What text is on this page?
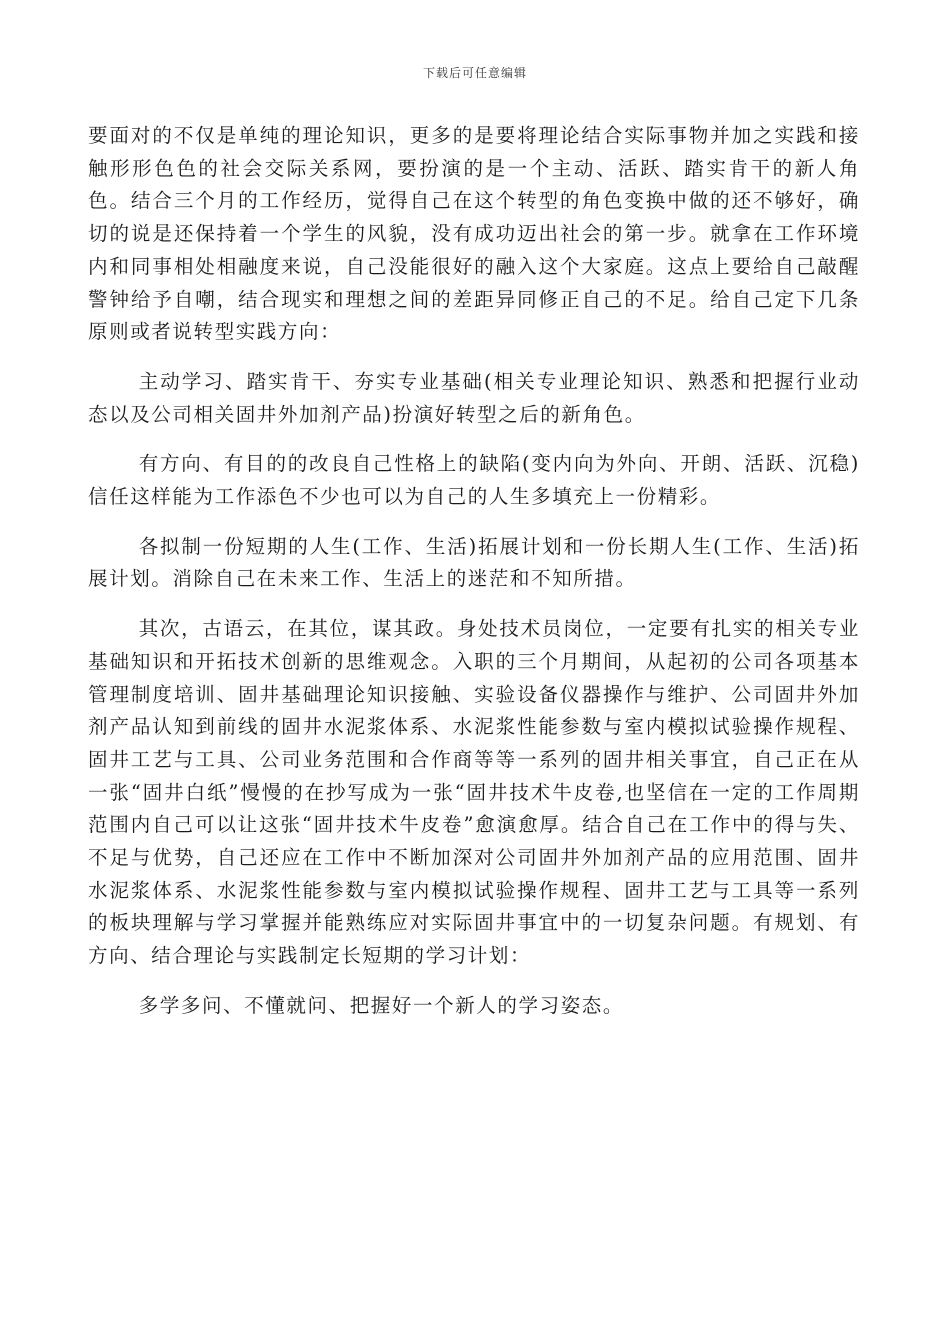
下载后可任意编辑

要面对的不仅是单纯的理论知识，更多的是要将理论结合实际事物并加之实践和接触形形色色的社会交际关系网，要扮演的是一个主动、活跃、踏实肯干的新人角色。结合三个月的工作经历，觉得自己在这个转型的角色变换中做的还不够好，确切的说是还保持着一个学生的风貌，没有成功迈出社会的第一步。就拿在工作环境内和同事相处相融度来说，自己没能很好的融入这个大家庭。这点上要给自己敲醒警钟给予自嘲，结合现实和理想之间的差距异同修正自己的不足。给自己定下几条原则或者说转型实践方向：

主动学习、踏实肯干、夯实专业基础(相关专业理论知识、熟悉和把握行业动态以及公司相关固井外加剂产品)扮演好转型之后的新角色。

有方向、有目的的改良自己性格上的缺陷(变内向为外向、开朗、活跃、沉稳)信任这样能为工作添色不少也可以为自己的人生多填充上一份精彩。

各拟制一份短期的人生(工作、生活)拓展计划和一份长期人生(工作、生活)拓展计划。消除自己在未来工作、生活上的迷茫和不知所措。

其次，古语云，在其位，谋其政。身处技术员岗位，一定要有扎实的相关专业基础知识和开拓技术创新的思维观念。入职的三个月期间，从起初的公司各项基本管理制度培训、固井基础理论知识接触、实验设备仪器操作与维护、公司固井外加剂产品认知到前线的固井水泥浆体系、水泥浆性能参数与室内模拟试验操作规程、固井工艺与工具、公司业务范围和合作商等等一系列的固井相关事宜，自己正在从一张“固井白纸”慢慢的在抄写成为一张“固井技术牛皮卷,也坚信在一定的工作周期范围内自己可以让这张“固井技术牛皮卷”愈演愈厚。结合自己在工作中的得与失、不足与优势，自己还应在工作中不断加深对公司固井外加剂产品的应用范围、固井水泥浆体系、水泥浆性能参数与室内模拟试验操作规程、固井工艺与工具等一系列的板块理解与学习掌握并能熟练应对实际固井事宜中的一切复杂问题。有规划、有方向、结合理论与实践制定长短期的学习计划：

多学多问、不懂就问、把握好一个新人的学习姿态。
